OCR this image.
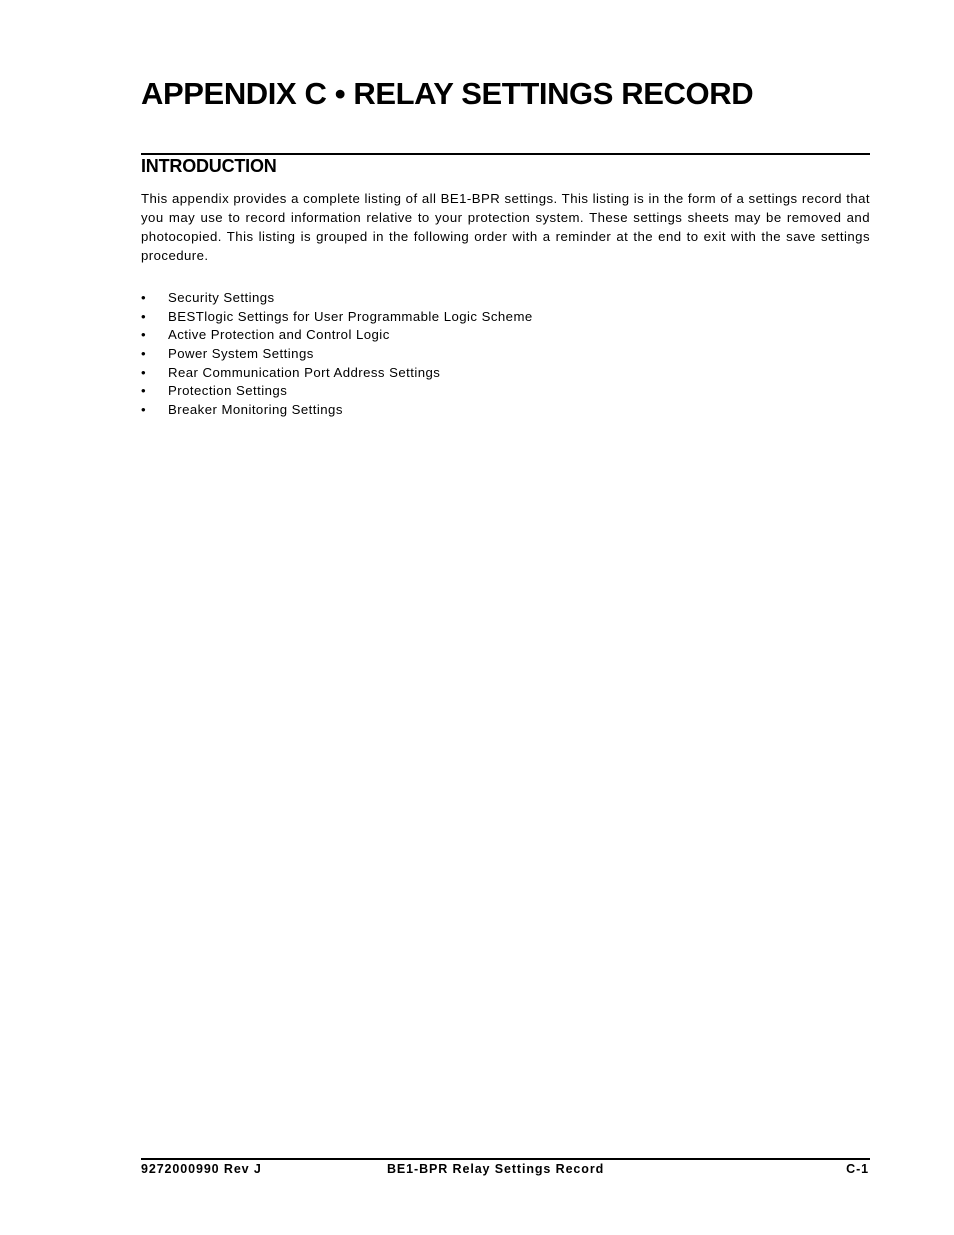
APPENDIX C • RELAY SETTINGS RECORD
INTRODUCTION

This appendix provides a complete listing of all BE1-BPR settings. This listing is in the form of a settings record that you may use to record information relative to your protection system. These settings sheets may be removed and photocopied. This listing is grouped in the following order with a reminder at the end to exit with the save settings procedure.

• Security Settings
• BESTlogic Settings for User Programmable Logic Scheme
• Active Protection and Control Logic
• Power System Settings
• Rear Communication Port Address Settings
• Protection Settings
• Breaker Monitoring Settings

9272000990 Rev J	BE1-BPR Relay Settings Record	C-1
